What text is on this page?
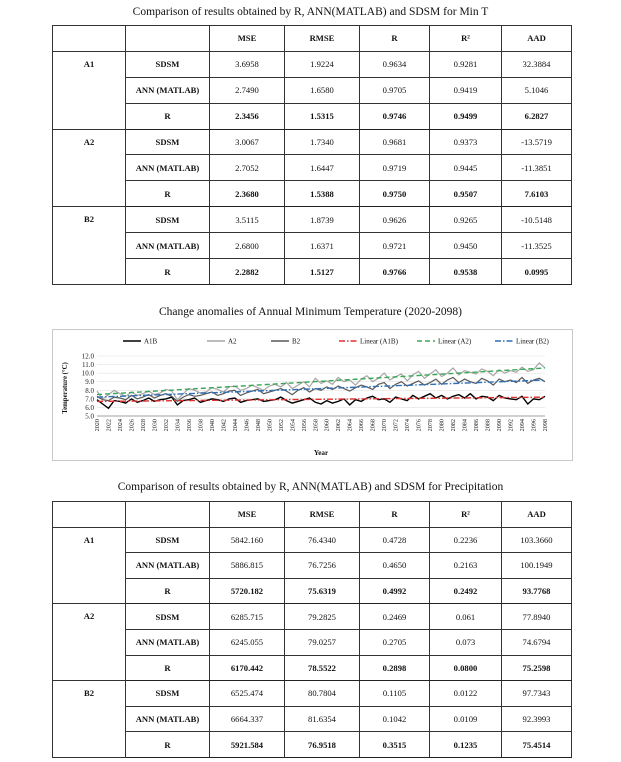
Comparison of results obtained by R, ANN(MATLAB) and SDSM for Min T
		MSE	RMSE	R	R²	AAD
A1	SDSM	3.6958	1.9224	0.9634	0.9281	32.3884
	ANN (MATLAB)	2.7490	1.6580	0.9705	0.9419	5.1046
	R	2.3456	1.5315	0.9746	0.9499	6.2827
A2	SDSM	3.0067	1.7340	0.9681	0.9373	-13.5719
	ANN (MATLAB)	2.7052	1.6447	0.9719	0.9445	-11.3851
	R	2.3680	1.5388	0.9750	0.9507	7.6103
B2	SDSM	3.5115	1.8739	0.9626	0.9265	-10.5148
	ANN (MATLAB)	2.6800	1.6371	0.9721	0.9450	-11.3525
	R	2.2882	1.5127	0.9766	0.9538	0.0995
Change anomalies of Annual Minimum Temperature (2020-2098)
12.0
11.0
10.0
9.0
8.0
7.0
6.0
5.0
Temperature (°C)
2020 2022 2024 2026 2028 2030 2032 2034 2036 2038 2040 2042 2044 2046 2048 2050 2052 2054 2056 2058 2060 2062 2064 2066 2068 2070 2072 2074 2076 2078 2080 2082 2084 2086 2088 2090 2092 2094 2096 2098
Year
A1B	A2	B2	Linear (A1B)	Linear (A2)	Linear (B2)
Comparison of results obtained by R, ANN(MATLAB) and SDSM for Precipitation
		MSE	RMSE	R	R²	AAD
A1	SDSM	5842.160	76.4340	0.4728	0.2236	103.3660
	ANN (MATLAB)	5886.815	76.7256	0.4650	0.2163	100.1949
	R	5720.182	75.6319	0.4992	0.2492	93.7768
A2	SDSM	6285.715	79.2825	0.2469	0.061	77.8940
	ANN (MATLAB)	6245.055	79.0257	0.2705	0.073	74.6794
	R	6170.442	78.5522	0.2898	0.0800	75.2598
B2	SDSM	6525.474	80.7804	0.1105	0.0122	97.7343
	ANN (MATLAB)	6664.337	81.6354	0.1042	0.0109	92.3993
	R	5921.584	76.9518	0.3515	0.1235	75.4514
